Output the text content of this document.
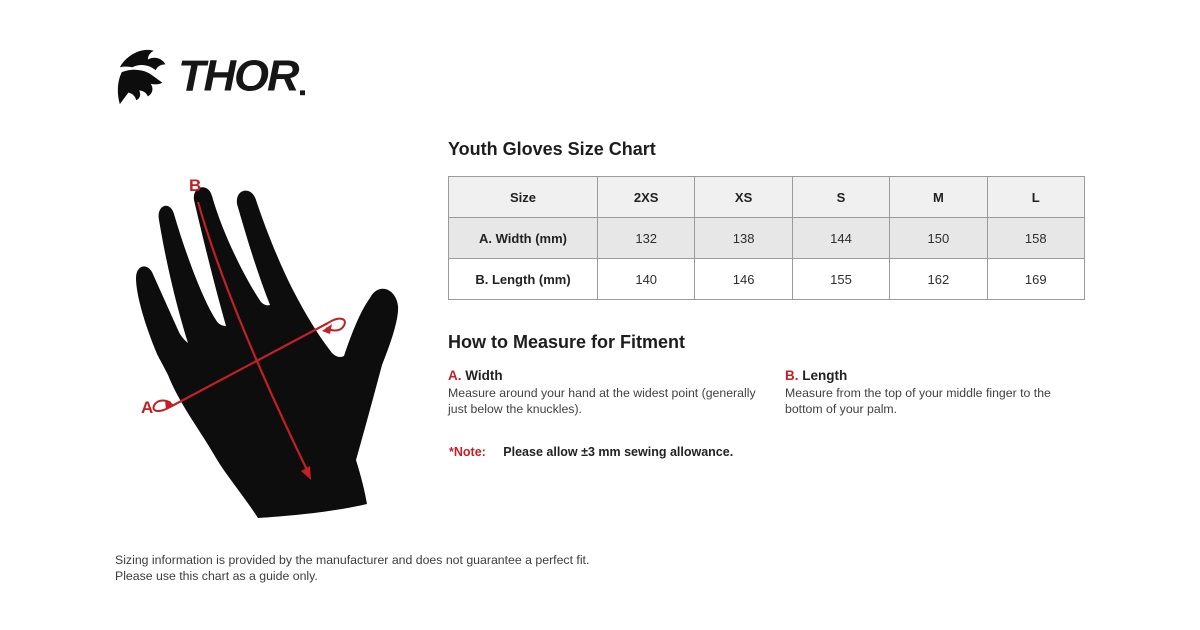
THOR
B
A
Youth Gloves Size Chart
Size	2XS	XS	S	M	L
A. Width (mm)	132	138	144	150	158
B. Length (mm)	140	146	155	162	169
How to Measure for Fitment
A. Width
Measure around your hand at the widest point (generally just below the knuckles).
B. Length
Measure from the top of your middle finger to the bottom of your palm.
*Note: Please allow ±3 mm sewing allowance.
Sizing information is provided by the manufacturer and does not guarantee a perfect fit.
Please use this chart as a guide only.
